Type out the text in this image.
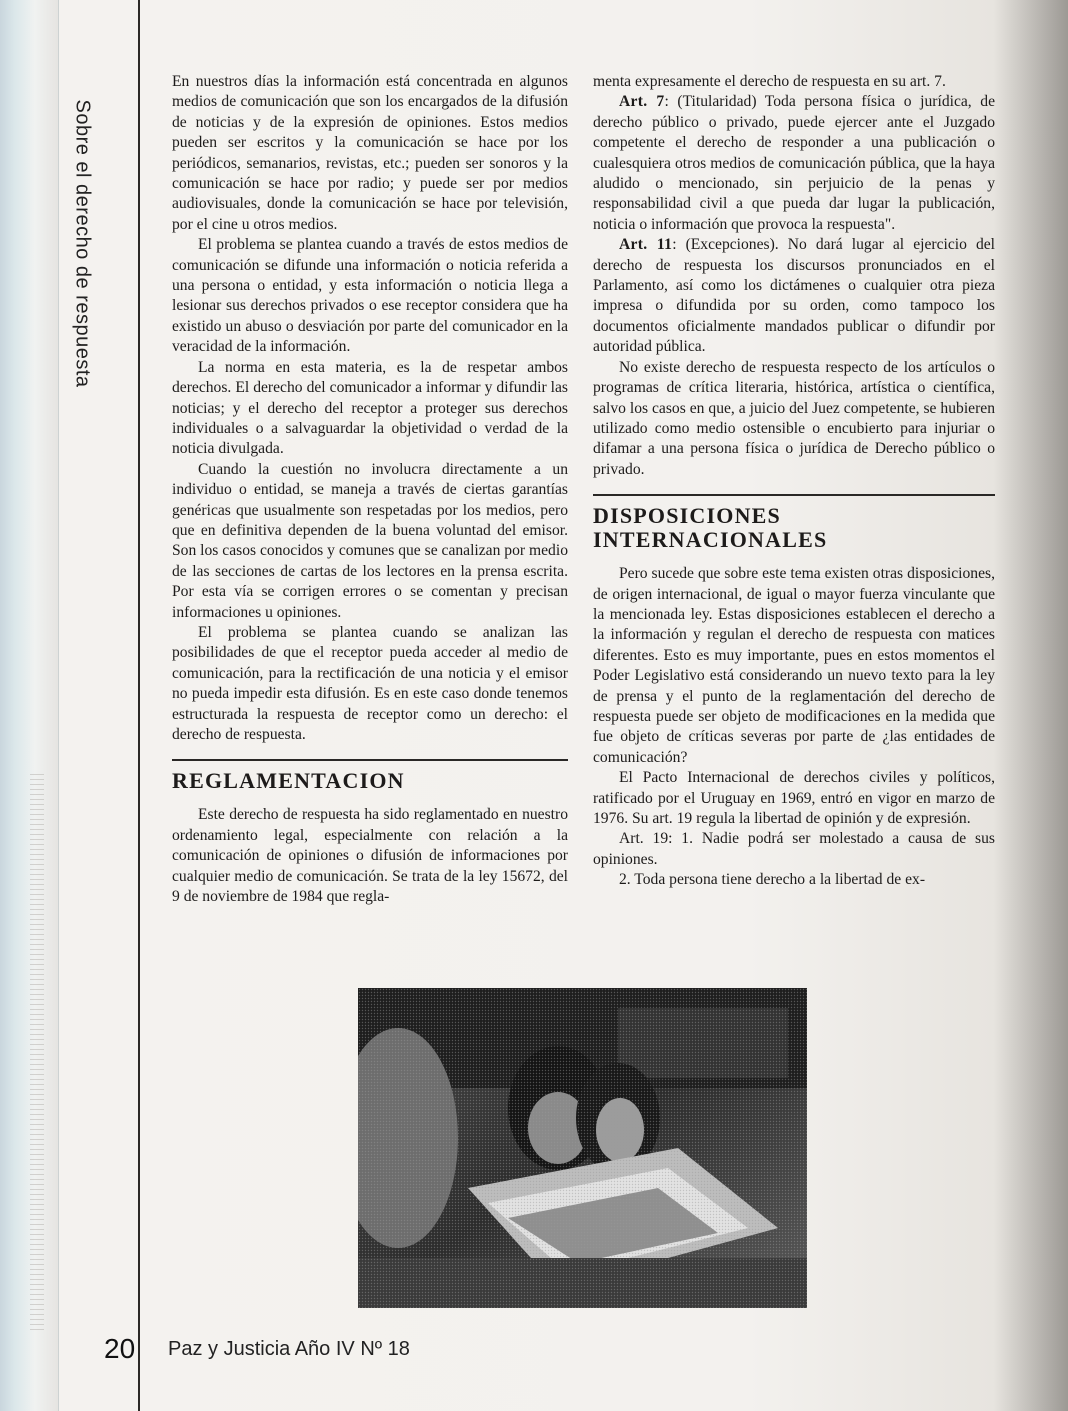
Sobre el derecho de respuesta

En nuestros días la información está concentrada en algunos medios de comunicación que son los encargados de la difusión de noticias y de la expresión de opiniones. Estos medios pueden ser escritos y la comunicación se hace por los periódicos, semanarios, revistas, etc.; pueden ser sonoros y la comunicación se hace por radio; y puede ser por medios audiovisuales, donde la comunicación se hace por televisión, por el cine u otros medios.

El problema se plantea cuando a través de estos medios de comunicación se difunde una información o noticia referida a una persona o entidad, y esta información o noticia llega a lesionar sus derechos privados o ese receptor considera que ha existido un abuso o desviación por parte del comunicador en la veracidad de la información.

La norma en esta materia, es la de respetar ambos derechos. El derecho del comunicador a informar y difundir las noticias; y el derecho del receptor a proteger sus derechos individuales o a salvaguardar la objetividad o verdad de la noticia divulgada.

Cuando la cuestión no involucra directamente a un individuo o entidad, se maneja a través de ciertas garantías genéricas que usualmente son respetadas por los medios, pero que en definitiva dependen de la buena voluntad del emisor. Son los casos conocidos y comunes que se canalizan por medio de las secciones de cartas de los lectores en la prensa escrita. Por esta vía se corrigen errores o se comentan y precisan informaciones u opiniones.

El problema se plantea cuando se analizan las posibilidades de que el receptor pueda acceder al medio de comunicación, para la rectificación de una noticia y el emisor no pueda impedir esta difusión. Es en este caso donde tenemos estructurada la respuesta de receptor como un derecho: el derecho de respuesta.

REGLAMENTACION

Este derecho de respuesta ha sido reglamentado en nuestro ordenamiento legal, especialmente con relación a la comunicación de opiniones o difusión de informaciones por cualquier medio de comunicación. Se trata de la ley 15672, del 9 de noviembre de 1984 que regla-

menta expresamente el derecho de respuesta en su art. 7.

Art. 7: (Titularidad) Toda persona física o jurídica, de derecho público o privado, puede ejercer ante el Juzgado competente el derecho de responder a una publicación o cualesquiera otros medios de comunicación pública, que la haya aludido o mencionado, sin perjuicio de la penas y responsabilidad civil a que pueda dar lugar la publicación, noticia o información que provoca la respuesta".

Art. 11: (Excepciones). No dará lugar al ejercicio del derecho de respuesta los discursos pronunciados en el Parlamento, así como los dictámenes o cualquier otra pieza impresa o difundida por su orden, como tampoco los documentos oficialmente mandados publicar o difundir por autoridad pública.

No existe derecho de respuesta respecto de los artículos o programas de crítica literaria, histórica, artística o científica, salvo los casos en que, a juicio del Juez competente, se hubieren utilizado como medio ostensible o encubierto para injuriar o difamar a una persona física o jurídica de Derecho público o privado.

DISPOSICIONES INTERNACIONALES

Pero sucede que sobre este tema existen otras disposiciones, de origen internacional, de igual o mayor fuerza vinculante que la mencionada ley. Estas disposiciones establecen el derecho a la información y regulan el derecho de respuesta con matices diferentes. Esto es muy importante, pues en estos momentos el Poder Legislativo está considerando un nuevo texto para la ley de prensa y el punto de la reglamentación del derecho de respuesta puede ser objeto de modificaciones en la medida que fue objeto de críticas severas por parte de ¿las entidades de comunicación?

El Pacto Internacional de derechos civiles y políticos, ratificado por el Uruguay en 1969, entró en vigor en marzo de 1976. Su art. 19 regula la libertad de opinión y de expresión.

Art. 19: 1. Nadie podrá ser molestado a causa de sus opiniones.

2. Toda persona tiene derecho a la libertad de ex-

20 Paz y Justicia Año IV Nº 18
